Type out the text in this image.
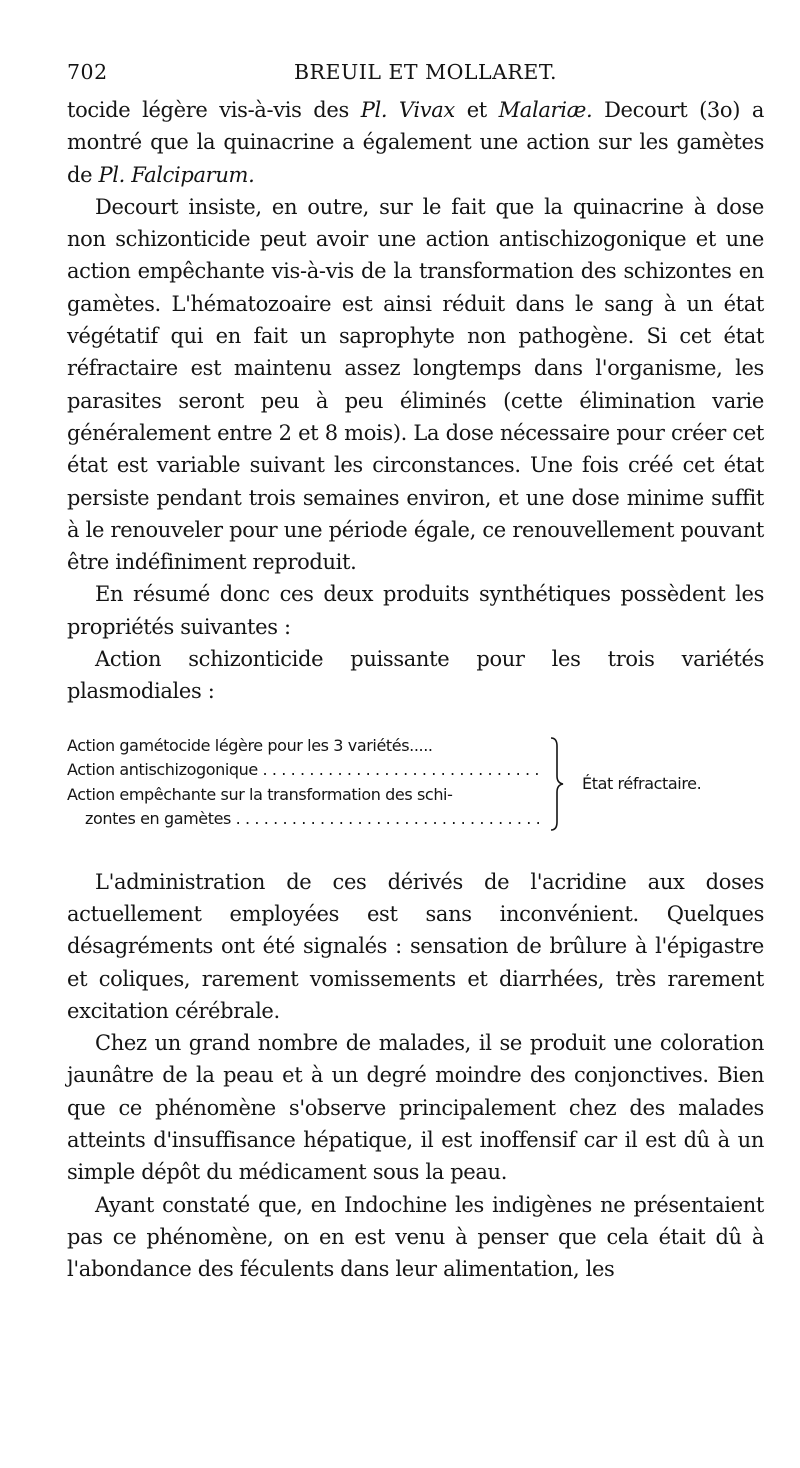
702	BREUIL ET MOLLARET.

tocide légère vis-à-vis des Pl. Vivax et Malariæ. Decourt (3o) a montré que la quinacrine a également une action sur les gamètes de Pl. Falciparum.

Decourt insiste, en outre, sur le fait que la quinacrine à dose non schizonticide peut avoir une action antischizogonique et une action empêchante vis-à-vis de la transformation des schizontes en gamètes. L'hématozoaire est ainsi réduit dans le sang à un état végétatif qui en fait un saprophyte non pathogène. Si cet état réfractaire est maintenu assez longtemps dans l'organisme, les parasites seront peu à peu éliminés (cette élimination varie généralement entre 2 et 8 mois). La dose nécessaire pour créer cet état est variable suivant les circonstances. Une fois créé cet état persiste pendant trois semaines environ, et une dose minime suffit à le renouveler pour une période égale, ce renouvellement pouvant être indéfiniment reproduit.

En résumé donc ces deux produits synthétiques possèdent les propriétés suivantes :

Action schizonticide puissante pour les trois variétés plasmodiales :

Action gamétocide légère pour les 3 variétés.....
Action antischizogonique . . .
Action empêchante sur la transformation des schi-
zontes en gamètes . . .
État réfractaire.

L'administration de ces dérivés de l'acridine aux doses actuellement employées est sans inconvénient. Quelques désagréments ont été signalés : sensation de brûlure à l'épigastre et coliques, rarement vomissements et diarrhées, très rarement excitation cérébrale.

Chez un grand nombre de malades, il se produit une coloration jaunâtre de la peau et à un degré moindre des conjonctives. Bien que ce phénomène s'observe principalement chez des malades atteints d'insuffisance hépatique, il est inoffensif car il est dû à un simple dépôt du médicament sous la peau.

Ayant constaté que, en Indochine les indigènes ne présentaient pas ce phénomène, on en est venu à penser que cela était dû à l'abondance des féculents dans leur alimentation, les
